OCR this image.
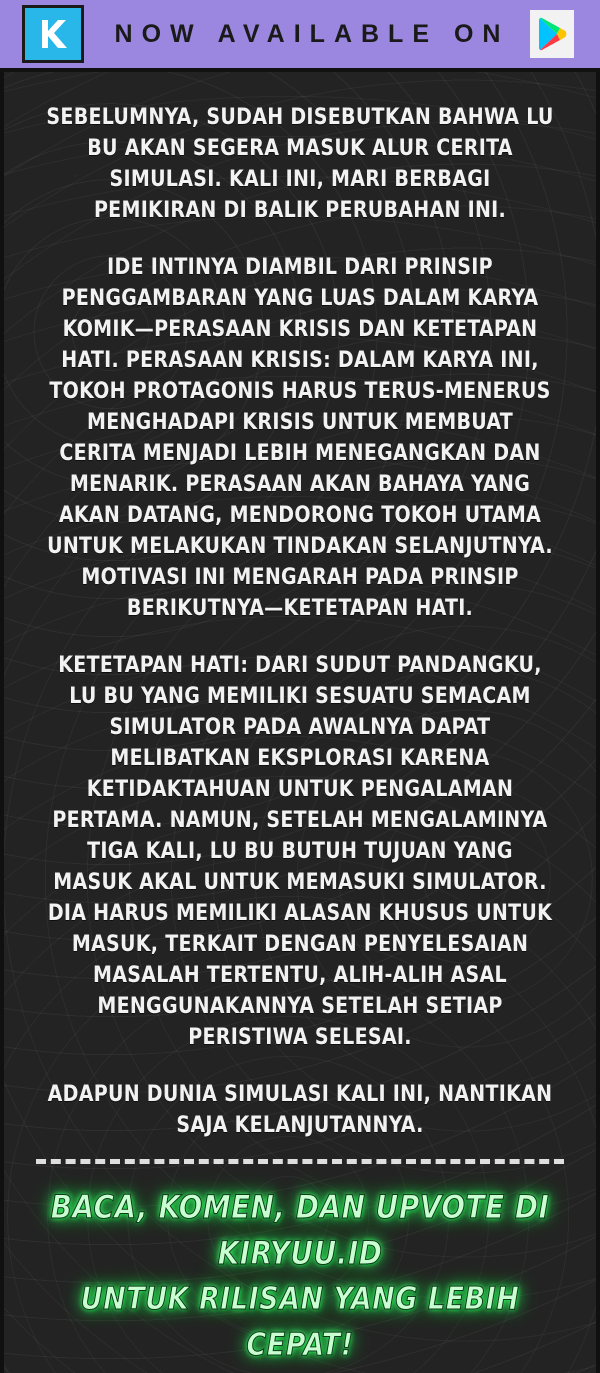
NOW AVAILABLE ON

SEBELUMNYA, SUDAH DISEBUTKAN BAHWA LU BU AKAN SEGERA MASUK ALUR CERITA SIMULASI. KALI INI, MARI BERBAGI PEMIKIRAN DI BALIK PERUBAHAN INI.

IDE INTINYA DIAMBIL DARI PRINSIP PENGGAMBARAN YANG LUAS DALAM KARYA KOMIK—PERASAAN KRISIS DAN KETETAPAN HATI. PERASAAN KRISIS: DALAM KARYA INI, TOKOH PROTAGONIS HARUS TERUS-MENERUS MENGHADAPI KRISIS UNTUK MEMBUAT CERITA MENJADI LEBIH MENEGANGKAN DAN MENARIK. PERASAAN AKAN BAHAYA YANG AKAN DATANG, MENDORONG TOKOH UTAMA UNTUK MELAKUKAN TINDAKAN SELANJUTNYA. MOTIVASI INI MENGARAH PADA PRINSIP BERIKUTNYA—KETETAPAN HATI.

KETETAPAN HATI: DARI SUDUT PANDANGKU, LU BU YANG MEMILIKI SESUATU SEMACAM SIMULATOR PADA AWALNYA DAPAT MELIBATKAN EKSPLORASI KARENA KETIDAKTAHUAN UNTUK PENGALAMAN PERTAMA. NAMUN, SETELAH MENGALAMINYA TIGA KALI, LU BU BUTUH TUJUAN YANG MASUK AKAL UNTUK MEMASUKI SIMULATOR. DIA HARUS MEMILIKI ALASAN KHUSUS UNTUK MASUK, TERKAIT DENGAN PENYELESAIAN MASALAH TERTENTU, ALIH-ALIH ASAL MENGGUNAKANNYA SETELAH SETIAP PERISTIWA SELESAI.

ADAPUN DUNIA SIMULASI KALI INI, NANTIKAN SAJA KELANJUTANNYA.

BACA, KOMEN, DAN UPVOTE DI KIRYUU.ID
UNTUK RILISAN YANG LEBIH CEPAT!
